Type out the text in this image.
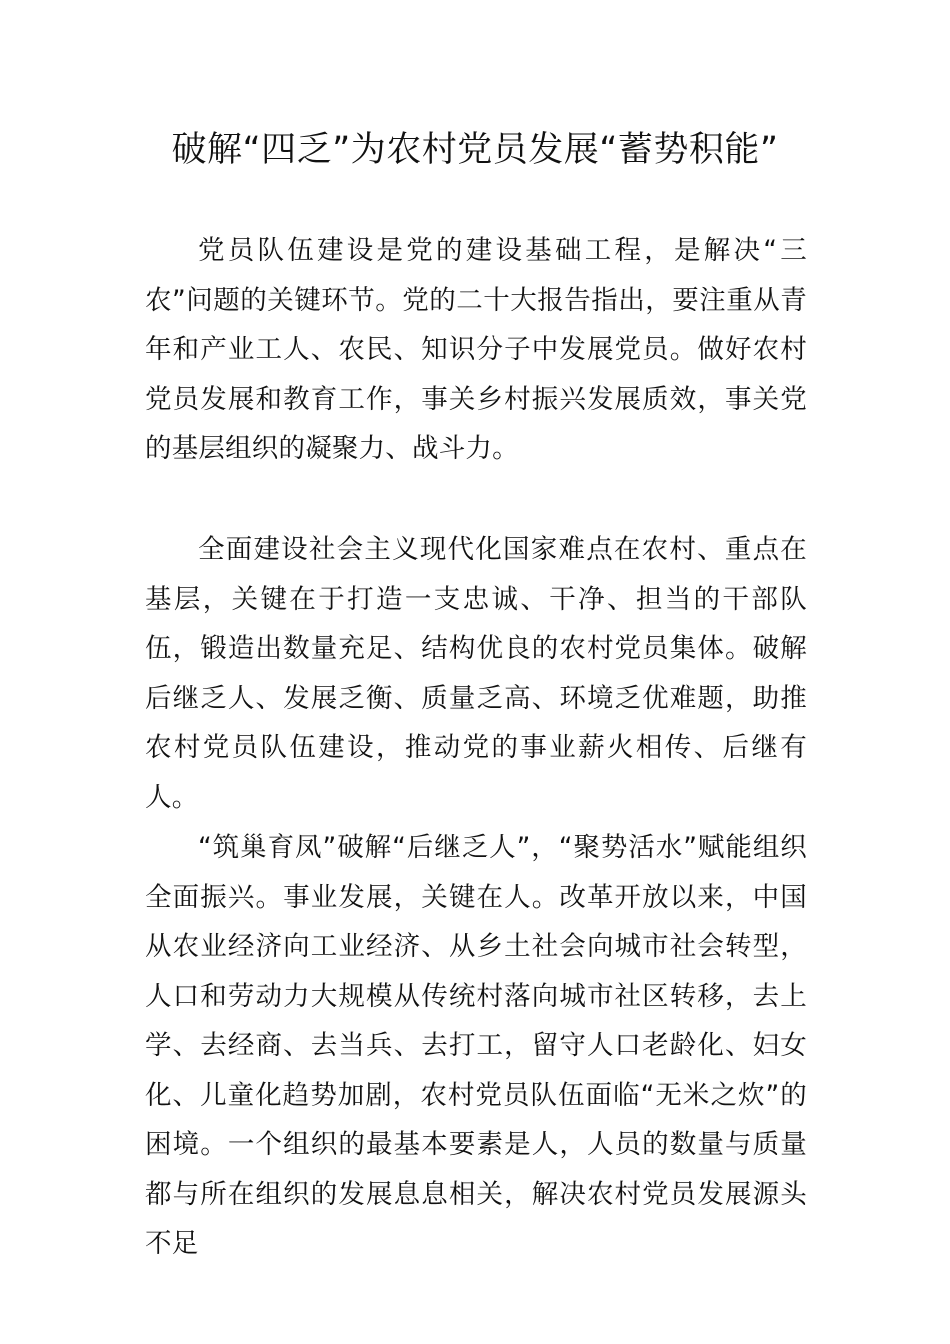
破解“四乏”为农村党员发展“蓄势积能”

党员队伍建设是党的建设基础工程，是解决“三农”问题的关键环节。党的二十大报告指出，要注重从青年和产业工人、农民、知识分子中发展党员。做好农村党员发展和教育工作，事关乡村振兴发展质效，事关党的基层组织的凝聚力、战斗力。

全面建设社会主义现代化国家难点在农村、重点在基层，关键在于打造一支忠诚、干净、担当的干部队伍，锻造出数量充足、结构优良的农村党员集体。破解后继乏人、发展乏衡、质量乏高、环境乏优难题，助推农村党员队伍建设，推动党的事业薪火相传、后继有人。

“筑巢育凤”破解“后继乏人”，“聚势活水”赋能组织全面振兴。事业发展，关键在人。改革开放以来，中国从农业经济向工业经济、从乡土社会向城市社会转型，人口和劳动力大规模从传统村落向城市社区转移，去上学、去经商、去当兵、去打工，留守人口老龄化、妇女化、儿童化趋势加剧，农村党员队伍面临“无米之炊”的困境。一个组织的最基本要素是人，人员的数量与质量都与所在组织的发展息息相关，解决农村党员发展源头不足
